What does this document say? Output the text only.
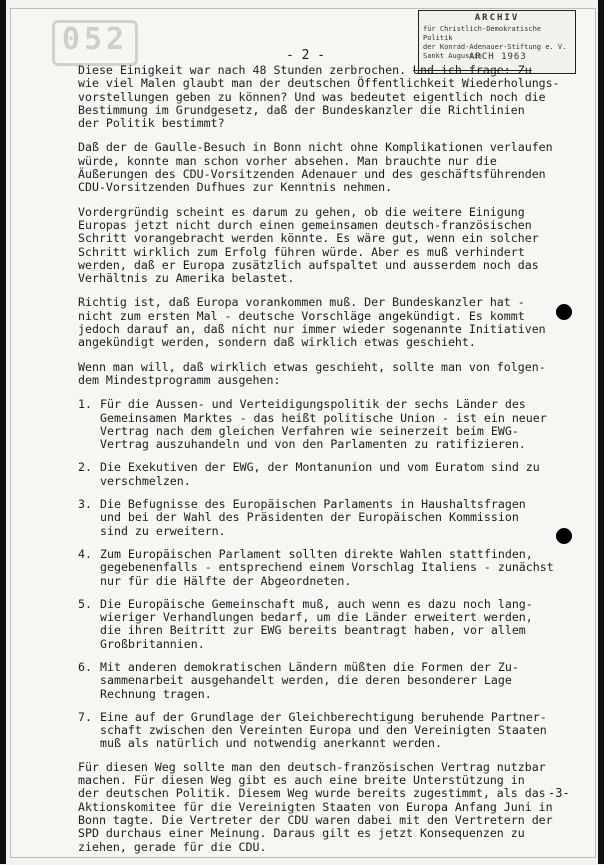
052
ARCHIV
für Christlich-Demokratische Politik
der Konrad-Adenauer-Stiftung e. V.
Sankt Augustin
ARCH 1963
- 2 -

Diese Einigkeit war nach 48 Stunden zerbrochen. Und ich frage: Zu
wie viel Malen glaubt man der deutschen Öffentlichkeit Wiederholungs-
vorstellungen geben zu können? Und was bedeutet eigentlich noch die
Bestimmung im Grundgesetz, daß der Bundeskanzler die Richtlinien
der Politik bestimmt?

Daß der de Gaulle-Besuch in Bonn nicht ohne Komplikationen verlaufen
würde, konnte man schon vorher absehen. Man brauchte nur die
Äußerungen des CDU-Vorsitzenden Adenauer und des geschäftsführenden
CDU-Vorsitzenden Dufhues zur Kenntnis nehmen.

Vordergründig scheint es darum zu gehen, ob die weitere Einigung
Europas jetzt nicht durch einen gemeinsamen deutsch-französischen
Schritt vorangebracht werden könnte. Es wäre gut, wenn ein solcher
Schritt wirklich zum Erfolg führen würde. Aber es muß verhindert
werden, daß er Europa zusätzlich aufspaltet und ausserdem noch das
Verhältnis zu Amerika belastet.

Richtig ist, daß Europa vorankommen muß. Der Bundeskanzler hat -
nicht zum ersten Mal - deutsche Vorschläge angekündigt. Es kommt
jedoch darauf an, daß nicht nur immer wieder sogenannte Initiativen
angekündigt werden, sondern daß wirklich etwas geschieht.

Wenn man will, daß wirklich etwas geschieht, sollte man von folgen-
dem Mindestprogramm ausgehen:

1. Für die Aussen- und Verteidigungspolitik der sechs Länder des
Gemeinsamen Marktes - das heißt politische Union - ist ein neuer
Vertrag nach dem gleichen Verfahren wie seinerzeit beim EWG-
Vertrag auszuhandeln und von den Parlamenten zu ratifizieren.
2. Die Exekutiven der EWG, der Montanunion und vom Euratom sind zu
verschmelzen.
3. Die Befugnisse des Europäischen Parlaments in Haushaltsfragen
und bei der Wahl des Präsidenten der Europäischen Kommission
sind zu erweitern.
4. Zum Europäischen Parlament sollten direkte Wahlen stattfinden,
gegebenenfalls - entsprechend einem Vorschlag Italiens - zunächst
nur für die Hälfte der Abgeordneten.
5. Die Europäische Gemeinschaft muß, auch wenn es dazu noch lang-
wieriger Verhandlungen bedarf, um die Länder erweitert werden,
die ihren Beitritt zur EWG bereits beantragt haben, vor allem
Großbritannien.
6. Mit anderen demokratischen Ländern müßten die Formen der Zu-
sammenarbeit ausgehandelt werden, die deren besonderer Lage
Rechnung tragen.
7. Eine auf der Grundlage der Gleichberechtigung beruhende Partner-
schaft zwischen den Vereinten Europa und den Vereinigten Staaten
muß als natürlich und notwendig anerkannt werden.

Für diesen Weg sollte man den deutsch-französischen Vertrag nutzbar
machen. Für diesen Weg gibt es auch eine breite Unterstützung in
der deutschen Politik. Diesem Weg wurde bereits zugestimmt, als das
Aktionskomitee für die Vereinigten Staaten von Europa Anfang Juni in
Bonn tagte. Die Vertreter der CDU waren dabei mit den Vertretern der
SPD durchaus einer Meinung. Daraus gilt es jetzt Konsequenzen zu
ziehen, gerade für die CDU.

-3-
